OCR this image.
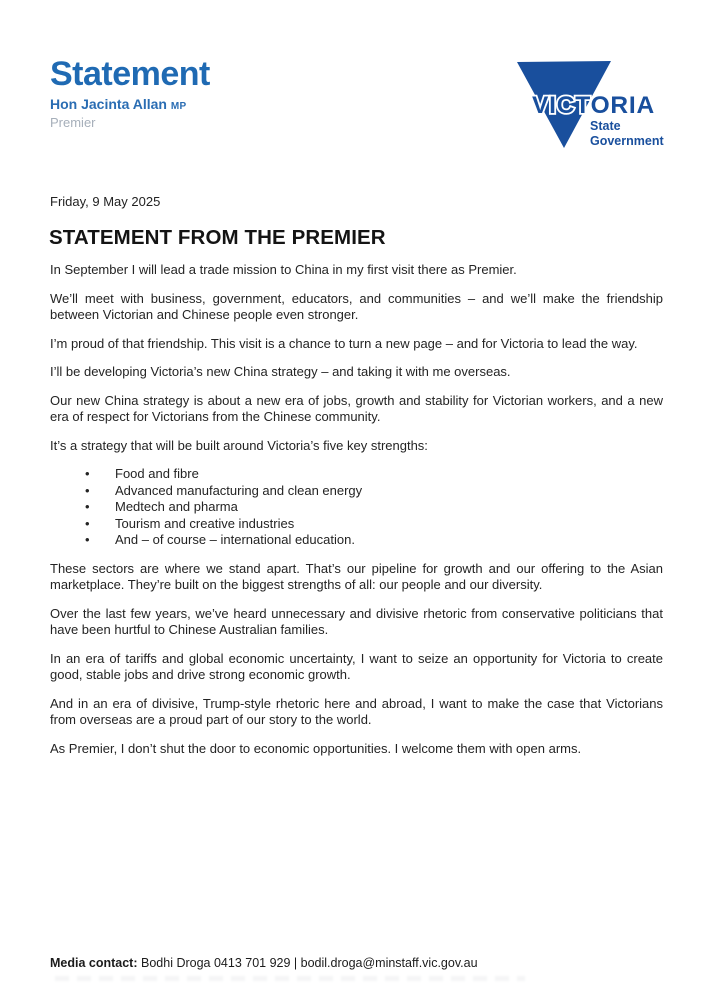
Statement
Hon Jacinta Allan MP
Premier
VICTORIA
State
Government
Friday, 9 May 2025
STATEMENT FROM THE PREMIER

In September I will lead a trade mission to China in my first visit there as Premier.

We’ll meet with business, government, educators, and communities – and we’ll make the friendship between Victorian and Chinese people even stronger.

I’m proud of that friendship. This visit is a chance to turn a new page – and for Victoria to lead the way.

I’ll be developing Victoria’s new China strategy – and taking it with me overseas.

Our new China strategy is about a new era of jobs, growth and stability for Victorian workers, and a new era of respect for Victorians from the Chinese community.

It’s a strategy that will be built around Victoria’s five key strengths:

• Food and fibre
• Advanced manufacturing and clean energy
• Medtech and pharma
• Tourism and creative industries
• And – of course – international education.

These sectors are where we stand apart. That’s our pipeline for growth and our offering to the Asian marketplace. They’re built on the biggest strengths of all: our people and our diversity.

Over the last few years, we’ve heard unnecessary and divisive rhetoric from conservative politicians that have been hurtful to Chinese Australian families.

In an era of tariffs and global economic uncertainty, I want to seize an opportunity for Victoria to create good, stable jobs and drive strong economic growth.

And in an era of divisive, Trump-style rhetoric here and abroad, I want to make the case that Victorians from overseas are a proud part of our story to the world.

As Premier, I don’t shut the door to economic opportunities. I welcome them with open arms.

Media contact: Bodhi Droga 0413 701 929 | bodil.droga@minstaff.vic.gov.au
